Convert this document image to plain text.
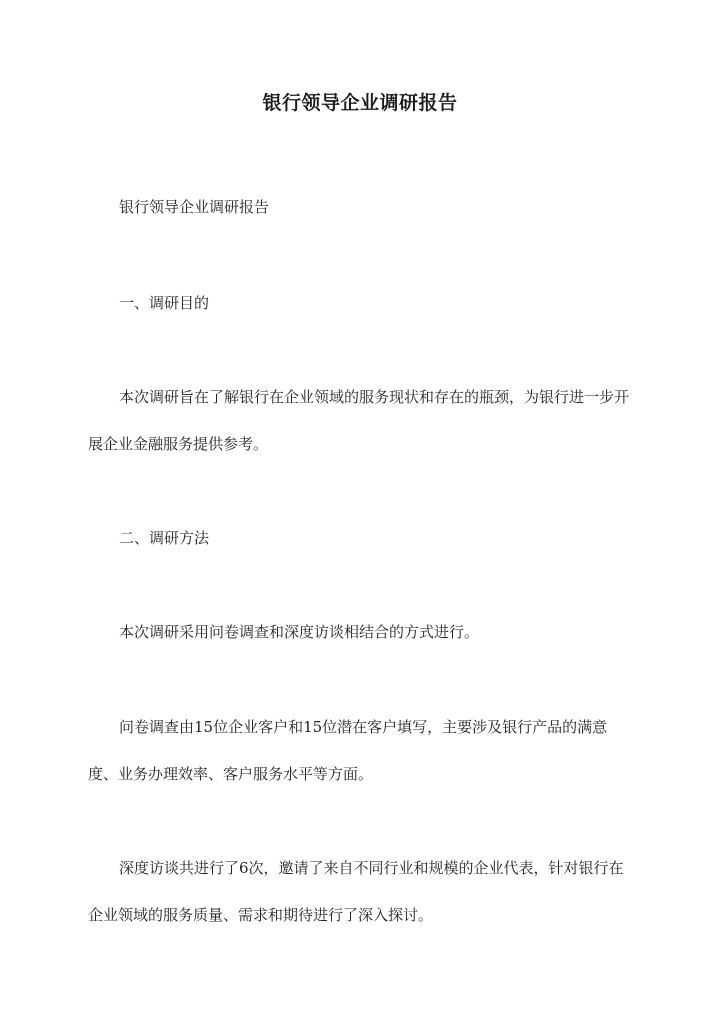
银行领导企业调研报告

银行领导企业调研报告

一、调研目的

本次调研旨在了解银行在企业领域的服务现状和存在的瓶颈，为银行进一步开展企业金融服务提供参考。

二、调研方法

本次调研采用问卷调查和深度访谈相结合的方式进行。

问卷调查由15位企业客户和15位潜在客户填写，主要涉及银行产品的满意度、业务办理效率、客户服务水平等方面。

深度访谈共进行了6次，邀请了来自不同行业和规模的企业代表，针对银行在企业领域的服务质量、需求和期待进行了深入探讨。
